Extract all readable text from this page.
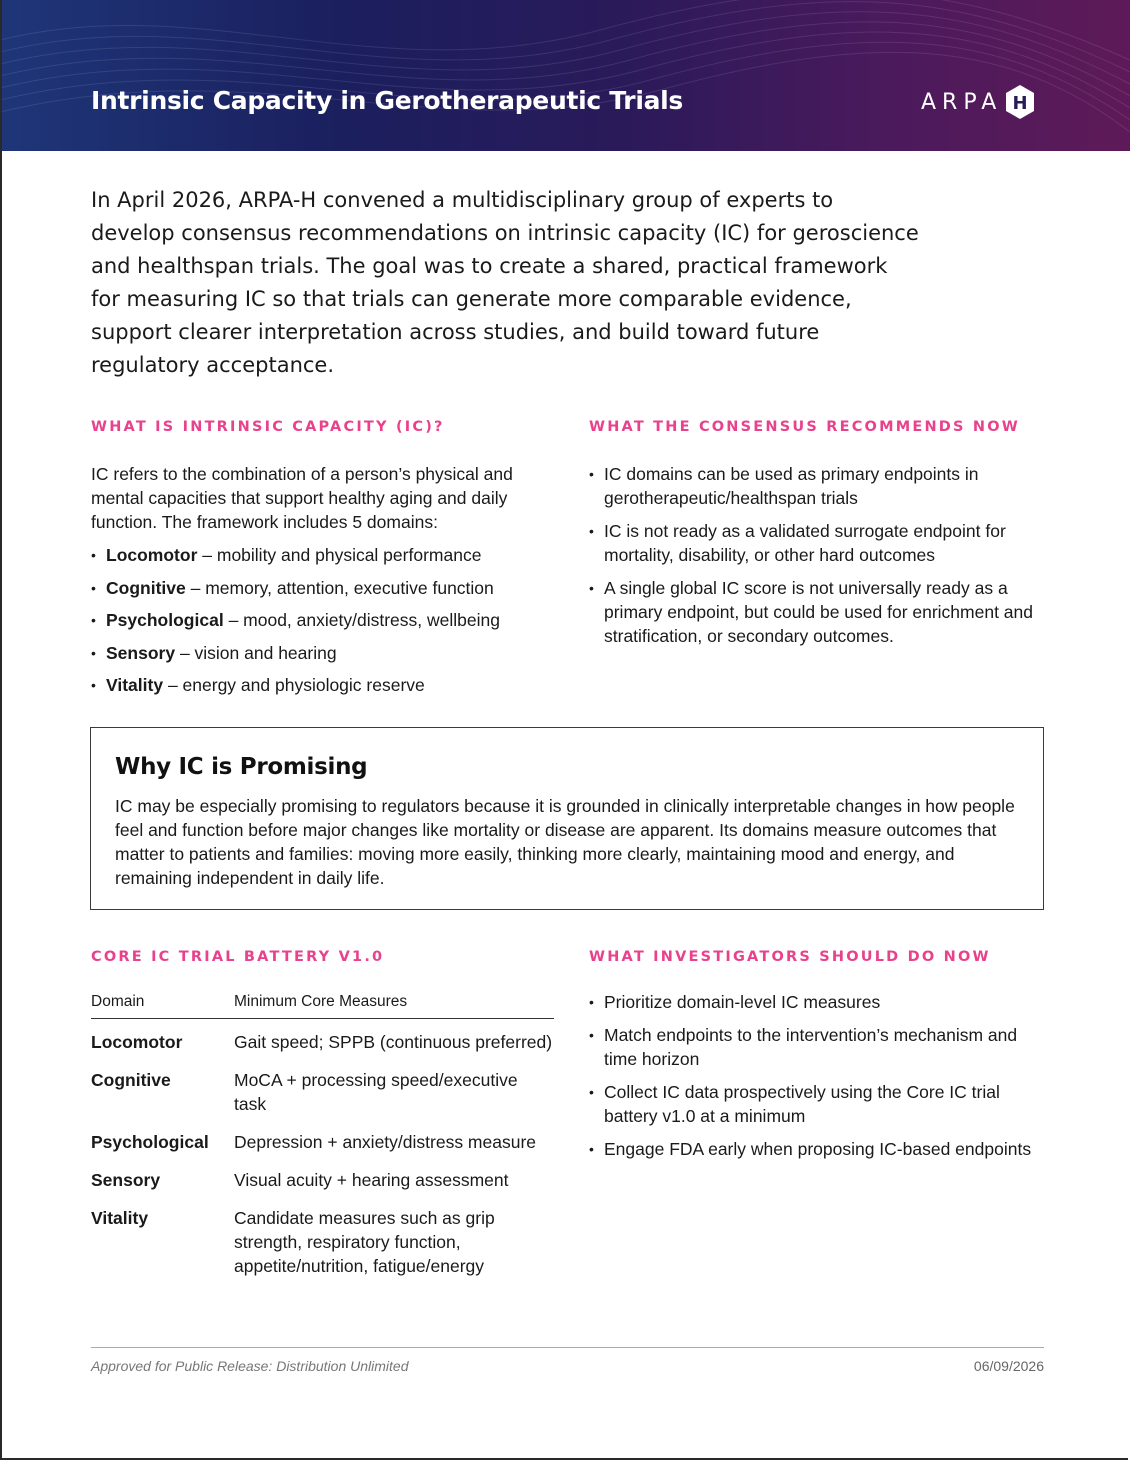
Intrinsic Capacity in Gerotherapeutic Trials	ARPA H
In April 2026, ARPA-H convened a multidisciplinary group of experts to develop consensus recommendations on intrinsic capacity (IC) for geroscience and healthspan trials. The goal was to create a shared, practical framework for measuring IC so that trials can generate more comparable evidence, support clearer interpretation across studies, and build toward future regulatory acceptance.
WHAT IS INTRINSIC CAPACITY (IC)?
IC refers to the combination of a person’s physical and mental capacities that support healthy aging and daily function. The framework includes 5 domains:
• Locomotor – mobility and physical performance
• Cognitive – memory, attention, executive function
• Psychological – mood, anxiety/distress, wellbeing
• Sensory – vision and hearing
• Vitality – energy and physiologic reserve
WHAT THE CONSENSUS RECOMMENDS NOW
• IC domains can be used as primary endpoints in gerotherapeutic/healthspan trials
• IC is not ready as a validated surrogate endpoint for mortality, disability, or other hard outcomes
• A single global IC score is not universally ready as a primary endpoint, but could be used for enrichment and stratification, or secondary outcomes.
Why IC is Promising
IC may be especially promising to regulators because it is grounded in clinically interpretable changes in how people feel and function before major changes like mortality or disease are apparent. Its domains measure outcomes that matter to patients and families: moving more easily, thinking more clearly, maintaining mood and energy, and remaining independent in daily life.
CORE IC TRIAL BATTERY V1.0
Domain	Minimum Core Measures
Locomotor	Gait speed; SPPB (continuous preferred)
Cognitive	MoCA + processing speed/executive task
Psychological	Depression + anxiety/distress measure
Sensory	Visual acuity + hearing assessment
Vitality	Candidate measures such as grip strength, respiratory function, appetite/nutrition, fatigue/energy
WHAT INVESTIGATORS SHOULD DO NOW
• Prioritize domain-level IC measures
• Match endpoints to the intervention’s mechanism and time horizon
• Collect IC data prospectively using the Core IC trial battery v1.0 at a minimum
• Engage FDA early when proposing IC-based endpoints
Approved for Public Release: Distribution Unlimited	06/09/2026
